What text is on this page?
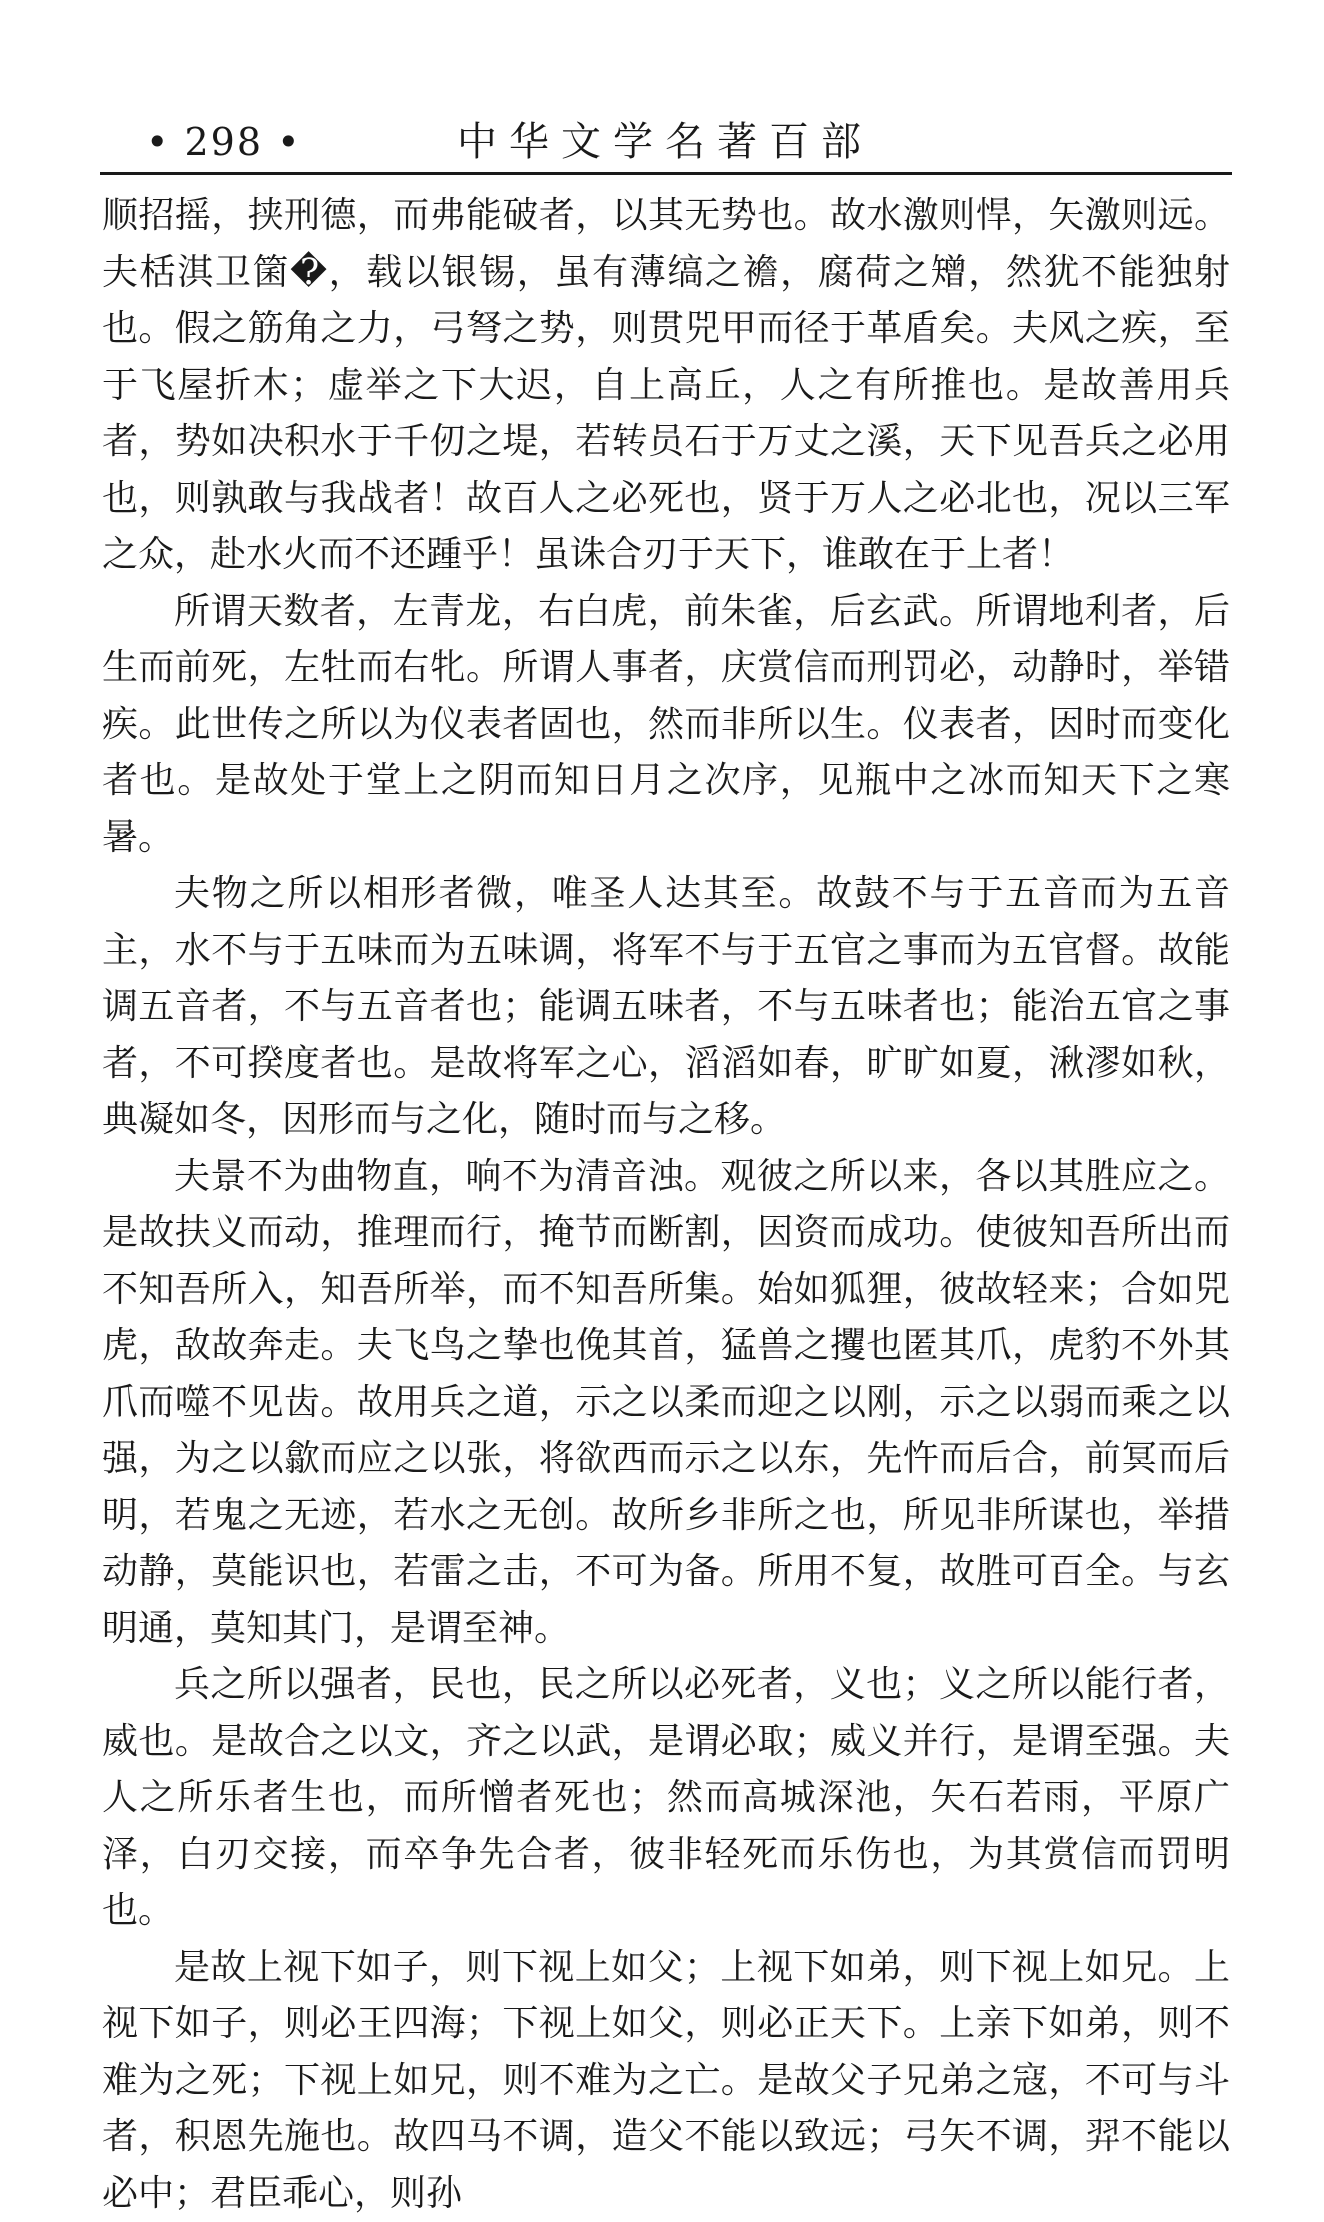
• 298 •	中华文学名著百部

顺招摇，挟刑德，而弗能破者，以其无势也。故水激则悍，矢激则远。夫栝淇卫箘�，载以银锡，虽有薄缟之襜，腐荷之矰，然犹不能独射也。假之筋角之力，弓弩之势，则贯兕甲而径于革盾矣。夫风之疾，至于飞屋折木；虚举之下大迟，自上高丘，人之有所推也。是故善用兵者，势如决积水于千仞之堤，若转员石于万丈之溪，天下见吾兵之必用也，则孰敢与我战者！故百人之必死也，贤于万人之必北也，况以三军之众，赴水火而不还踵乎！虽诛合刃于天下，谁敢在于上者！

所谓天数者，左青龙，右白虎，前朱雀，后玄武。所谓地利者，后生而前死，左牡而右牝。所谓人事者，庆赏信而刑罚必，动静时，举错疾。此世传之所以为仪表者固也，然而非所以生。仪表者，因时而变化者也。是故处于堂上之阴而知日月之次序，见瓶中之冰而知天下之寒暑。

夫物之所以相形者微，唯圣人达其至。故鼓不与于五音而为五音主，水不与于五味而为五味调，将军不与于五官之事而为五官督。故能调五音者，不与五音者也；能调五味者，不与五味者也；能治五官之事者，不可揆度者也。是故将军之心，滔滔如春，旷旷如夏，湫漻如秋，典凝如冬，因形而与之化，随时而与之移。

夫景不为曲物直，响不为清音浊。观彼之所以来，各以其胜应之。是故扶义而动，推理而行，掩节而断割，因资而成功。使彼知吾所出而不知吾所入，知吾所举，而不知吾所集。始如狐狸，彼故轻来；合如兕虎，敌故奔走。夫飞鸟之挚也俛其首，猛兽之攫也匿其爪，虎豹不外其爪而噬不见齿。故用兵之道，示之以柔而迎之以刚，示之以弱而乘之以强，为之以歙而应之以张，将欲西而示之以东，先忤而后合，前冥而后明，若鬼之无迹，若水之无创。故所乡非所之也，所见非所谋也，举措动静，莫能识也，若雷之击，不可为备。所用不复，故胜可百全。与玄明通，莫知其门，是谓至神。

兵之所以强者，民也，民之所以必死者，义也；义之所以能行者，威也。是故合之以文，齐之以武，是谓必取；威义并行，是谓至强。夫人之所乐者生也，而所憎者死也；然而高城深池，矢石若雨，平原广泽，白刃交接，而卒争先合者，彼非轻死而乐伤也，为其赏信而罚明也。

是故上视下如子，则下视上如父；上视下如弟，则下视上如兄。上视下如子，则必王四海；下视上如父，则必正天下。上亲下如弟，则不难为之死；下视上如兄，则不难为之亡。是故父子兄弟之寇，不可与斗者，积恩先施也。故四马不调，造父不能以致远；弓矢不调，羿不能以必中；君臣乖心，则孙
